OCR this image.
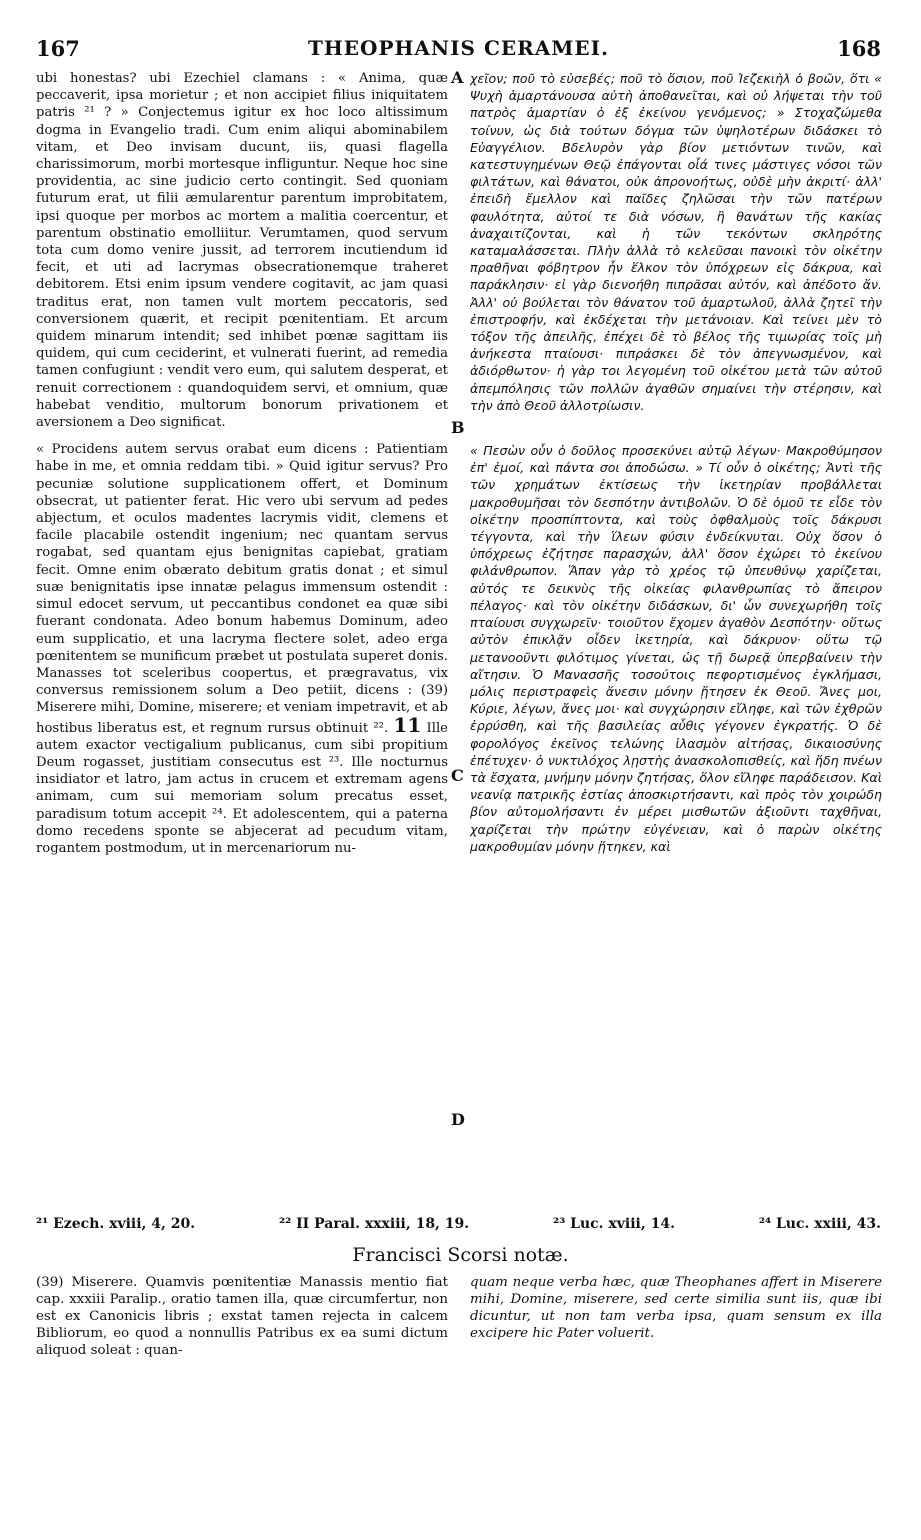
167	THEOPHANIS CERAMEI.	168

ubi honestas? ubi Ezechiel clamans : « Anima, quæ peccaverit, ipsa morietur ; et non accipiet filius iniquitatem patris ²¹ ? » Conjectemus igitur ex hoc loco altissimum dogma in Evangelio tradi. Cum enim aliqui abominabilem vitam, et Deo invisam ducunt, iis, quasi flagella charissimorum, morbi mortesque infliguntur. Neque hoc sine providentia, ac sine judicio certo contingit. Sed quoniam futurum erat, ut filii æmularentur parentum improbitatem, ipsi quoque per morbos ac mortem a malitia coercentur, et parentum obstinatio emolliitur. Verumtamen, quod servum tota cum domo venire jussit, ad terrorem incutiendum id fecit, et uti ad lacrymas obsecrationemque traheret debitorem. Etsi enim ipsum vendere cogitavit, ac jam quasi traditus erat, non tamen vult mortem peccatoris, sed conversionem quærit, et recipit pœnitentiam. Et arcum quidem minarum intendit; sed inhibet pœnæ sagittam iis quidem, qui cum ceciderint, et vulnerati fuerint, ad remedia tamen confugiunt : vendit vero eum, qui salutem desperat, et renuit correctionem : quandoquidem servi, et omnium, quæ habebat venditio, multorum bonorum privationem et aversionem a Deo significat.

« Procidens autem servus orabat eum dicens : Patientiam habe in me, et omnia reddam tibi. » Quid igitur servus? Pro pecuniæ solutione supplicationem offert, et Dominum obsecrat, ut patienter ferat. Hic vero ubi servum ad pedes abjectum, et oculos madentes lacrymis vidit, clemens et facile placabile ostendit ingenium; nec quantam servus rogabat, sed quantam ejus benignitas capiebat, gratiam fecit. Omne enim obærato debitum gratis donat ; et simul suæ benignitatis ipse innatæ pelagus immensum ostendit : simul edocet servum, ut peccantibus condonet ea quæ sibi fuerant condonata. Adeo bonum habemus Dominum, adeo eum supplicatio, et una lacryma flectere solet, adeo erga pœnitentem se munificum præbet ut postulata superet donis. Manasses tot sceleribus coopertus, et prægravatus, vix conversus remissionem solum a Deo petiit, dicens : (39) Miserere mihi, Domine, miserere; et veniam impetravit, et ab hostibus liberatus est, et regnum rursus obtinuit ²². 11 Ille autem exactor vectigalium publicanus, cum sibi propitium Deum rogasset, justitiam consecutus est ²³. Ille nocturnus insidiator et latro, jam actus in crucem et extremam agens animam, cum sui memoriam solum precatus esset, paradisum totum accepit ²⁴. Et adolescentem, qui a paterna domo recedens sponte se abjecerat ad pecudum vitam, rogantem postmodum, ut in mercenariorum nu-

A
B
C
D

χεῖον; ποῦ τὸ εὐσεβές; ποῦ τὸ ὅσιον, ποῦ Ἰεζεκιὴλ ὁ βοῶν, ὅτι « Ψυχὴ ἁμαρτάνουσα αὐτὴ ἀποθανεῖται, καὶ οὐ λήψεται τὴν τοῦ πατρὸς ἁμαρτίαν ὁ ἐξ ἐκείνου γενόμενος; » Στοχαζώμεθα τοίνυν, ὡς διὰ τούτων δόγμα τῶν ὑψηλοτέρων διδάσκει τὸ Εὐαγγέλιον. Βδελυρὸν γὰρ βίον μετιόντων τινῶν, καὶ κατεστυγημένων Θεῷ ἐπάγονται οἷά τινες μάστιγες νόσοι τῶν φιλτάτων, καὶ θάνατοι, οὐκ ἀπρονοήτως, οὐδὲ μὴν ἀκριτί· ἀλλ' ἐπειδὴ ἔμελλον καὶ παῖδες ζηλῶσαι τὴν τῶν πατέρων φαυλότητα, αὐτοί τε διὰ νόσων, ἢ θανάτων τῆς κακίας ἀναχαιτίζονται, καὶ ἡ τῶν τεκόντων σκληρότης καταμαλάσσεται. Πλὴν ἀλλὰ τὸ κελεῦσαι πανοικὶ τὸν οἰκέτην πραθῆναι φόβητρον ἦν ἕλκον τὸν ὑπόχρεων εἰς δάκρυα, καὶ παράκλησιν· εἰ γὰρ διενοήθη πιπρᾶσαι αὐτόν, καὶ ἀπέδοτο ἄν. Ἀλλ' οὐ βούλεται τὸν θάνατον τοῦ ἁμαρτωλοῦ, ἀλλὰ ζητεῖ τὴν ἐπιστροφήν, καὶ ἐκδέχεται τὴν μετάνοιαν. Καὶ τείνει μὲν τὸ τόξον τῆς ἀπειλῆς, ἐπέχει δὲ τὸ βέλος τῆς τιμωρίας τοῖς μὴ ἀνήκεστα πταίουσι· πιπράσκει δὲ τὸν ἀπεγνωσμένον, καὶ ἀδιόρθωτον· ἡ γὰρ τοι λεγομένη τοῦ οἰκέτου μετὰ τῶν αὐτοῦ ἀπεμπόλησις τῶν πολλῶν ἀγαθῶν σημαίνει τὴν στέρησιν, καὶ τὴν ἀπὸ Θεοῦ ἀλλοτρίωσιν.

« Πεσὼν οὖν ὁ δοῦλος προσεκύνει αὐτῷ λέγων· Μακροθύμησον ἐπ' ἐμοί, καὶ πάντα σοι ἀποδώσω. » Τί οὖν ὁ οἰκέτης; Ἀντὶ τῆς τῶν χρημάτων ἐκτίσεως τὴν ἱκετηρίαν προβάλλεται μακροθυμῆσαι τὸν δεσπότην ἀντιβολῶν. Ὁ δὲ ὁμοῦ τε εἶδε τὸν οἰκέτην προσπίπτοντα, καὶ τοὺς ὀφθαλμοὺς τοῖς δάκρυσι τέγγοντα, καὶ τὴν ἵλεων φύσιν ἐνδείκνυται. Οὐχ ὅσον ὁ ὑπόχρεως ἐζήτησε παρασχών, ἀλλ' ὅσον ἐχώρει τὸ ἐκείνου φιλάνθρωπον. Ἅπαν γὰρ τὸ χρέος τῷ ὑπευθύνῳ χαρίζεται, αὐτός τε δεικνὺς τῆς οἰκείας φιλανθρωπίας τὸ ἄπειρον πέλαγος· καὶ τὸν οἰκέτην διδάσκων, δι' ὧν συνεχωρήθη τοῖς πταίουσι συγχωρεῖν· τοιοῦτον ἔχομεν ἀγαθὸν Δεσπότην· οὕτως αὐτὸν ἐπικλᾷν οἶδεν ἱκετηρία, καὶ δάκρυον· οὕτω τῷ μετανοοῦντι φιλότιμος γίνεται, ὡς τῇ δωρεᾷ ὑπερβαίνειν τὴν αἴτησιν. Ὁ Μανασσῆς τοσούτοις πεφορτισμένος ἐγκλήμασι, μόλις περιστραφεὶς ἄνεσιν μόνην ᾔτησεν ἐκ Θεοῦ. Ἄνες μοι, Κύριε, λέγων, ἄνες μοι· καὶ συγχώρησιν εἴληφε, καὶ τῶν ἐχθρῶν ἐρρύσθη, καὶ τῆς βασιλείας αὖθις γέγονεν ἐγκρατής. Ὁ δὲ φορολόγος ἐκεῖνος τελώνης ἱλασμὸν αἰτήσας, δικαιοσύνης ἐπέτυχεν· ὁ νυκτιλόχος λῃστὴς ἀνασκολοπισθείς, καὶ ἤδη πνέων τὰ ἔσχατα, μνήμην μόνην ζητήσας, ὅλον εἴληφε παράδεισον. Καὶ νεανίᾳ πατρικῆς ἑστίας ἀποσκιρτήσαντι, καὶ πρὸς τὸν χοιρώδη βίον αὐτομολήσαντι ἐν μέρει μισθωτῶν ἀξιοῦντι ταχθῆναι, χαρίζεται τὴν πρώτην εὐγένειαν, καὶ ὁ παρὼν οἰκέτης μακροθυμίαν μόνην ᾔτηκεν, καὶ

²¹ Ezech. xviii, 4, 20.	²² II Paral. xxxiii, 18, 19.	²³ Luc. xviii, 14.	²⁴ Luc. xxiii, 43.
Francisci Scorsi notæ.
(39) Miserere. Quamvis pœnitentiæ Manassis mentio fiat cap. xxxiii Paralip., oratio tamen illa, quæ circumfertur, non est ex Canonicis libris ; exstat tamen rejecta in calcem Bibliorum, eo quod a nonnullis Patribus ex ea sumi dictum aliquod soleat : quan-
quam neque verba hæc, quæ Theophanes affert in Miserere mihi, Domine, miserere, sed certe similia sunt iis, quæ ibi dicuntur, ut non tam verba ipsa, quam sensum ex illa excipere hic Pater voluerit.
